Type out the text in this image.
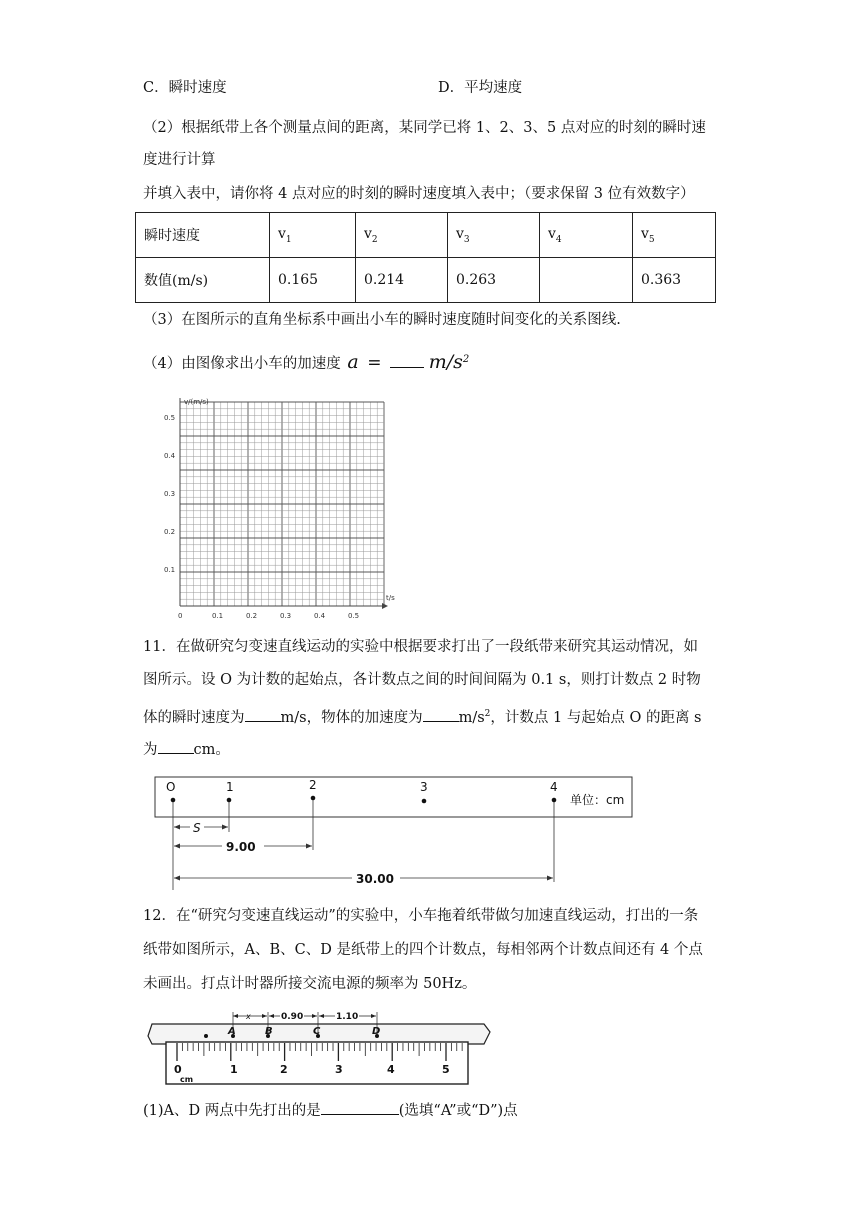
C．瞬时速度	D．平均速度
（2）根据纸带上各个测量点间的距离，某同学已将 1、2、3、5 点对应的时刻的瞬时速
度进行计算
并填入表中，请你将 4 点对应的时刻的瞬时速度填入表中；（要求保留 3 位有效数字）
瞬时速度	$v_1$	$v_2$	$v_3$	$v_4$	$v_5$
数值(m/s)	0.165	0.214	0.263		0.363
（3）在图所示的直角坐标系中画出小车的瞬时速度随时间变化的关系图线.
（4）由图像求出小车的加速度 $a = m/s^2$
v/(m/s)
t/s
0.1
0.2
0.3
0.4
0.5
0	0.1	0.2	0.3	0.4	0.5
11．在做研究匀变速直线运动的实验中根据要求打出了一段纸带来研究其运动情况，如
图所示。设 O 为计数的起始点，各计数点之间的时间间隔为 0.1 s，则打计数点 2 时物
体的瞬时速度为 m/s，物体的加速度为 $m/s^2$，计数点 1 与起始点 O 的距离 s
为 cm。
O	1	2	3	4
单位：cm
S
9.00
30.00
12．在“研究匀变速直线运动”的实验中，小车拖着纸带做匀加速直线运动，打出的一条
纸带如图所示，A、B、C、D 是纸带上的四个计数点，每相邻两个计数点间还有 4 个点
未画出。打点计时器所接交流电源的频率为 50Hz。
A	B	C	D
x	0.90	1.10
0	1	2	3	4	5
cm
(1)A、D 两点中先打出的是	(选填“A”或“D”)点
